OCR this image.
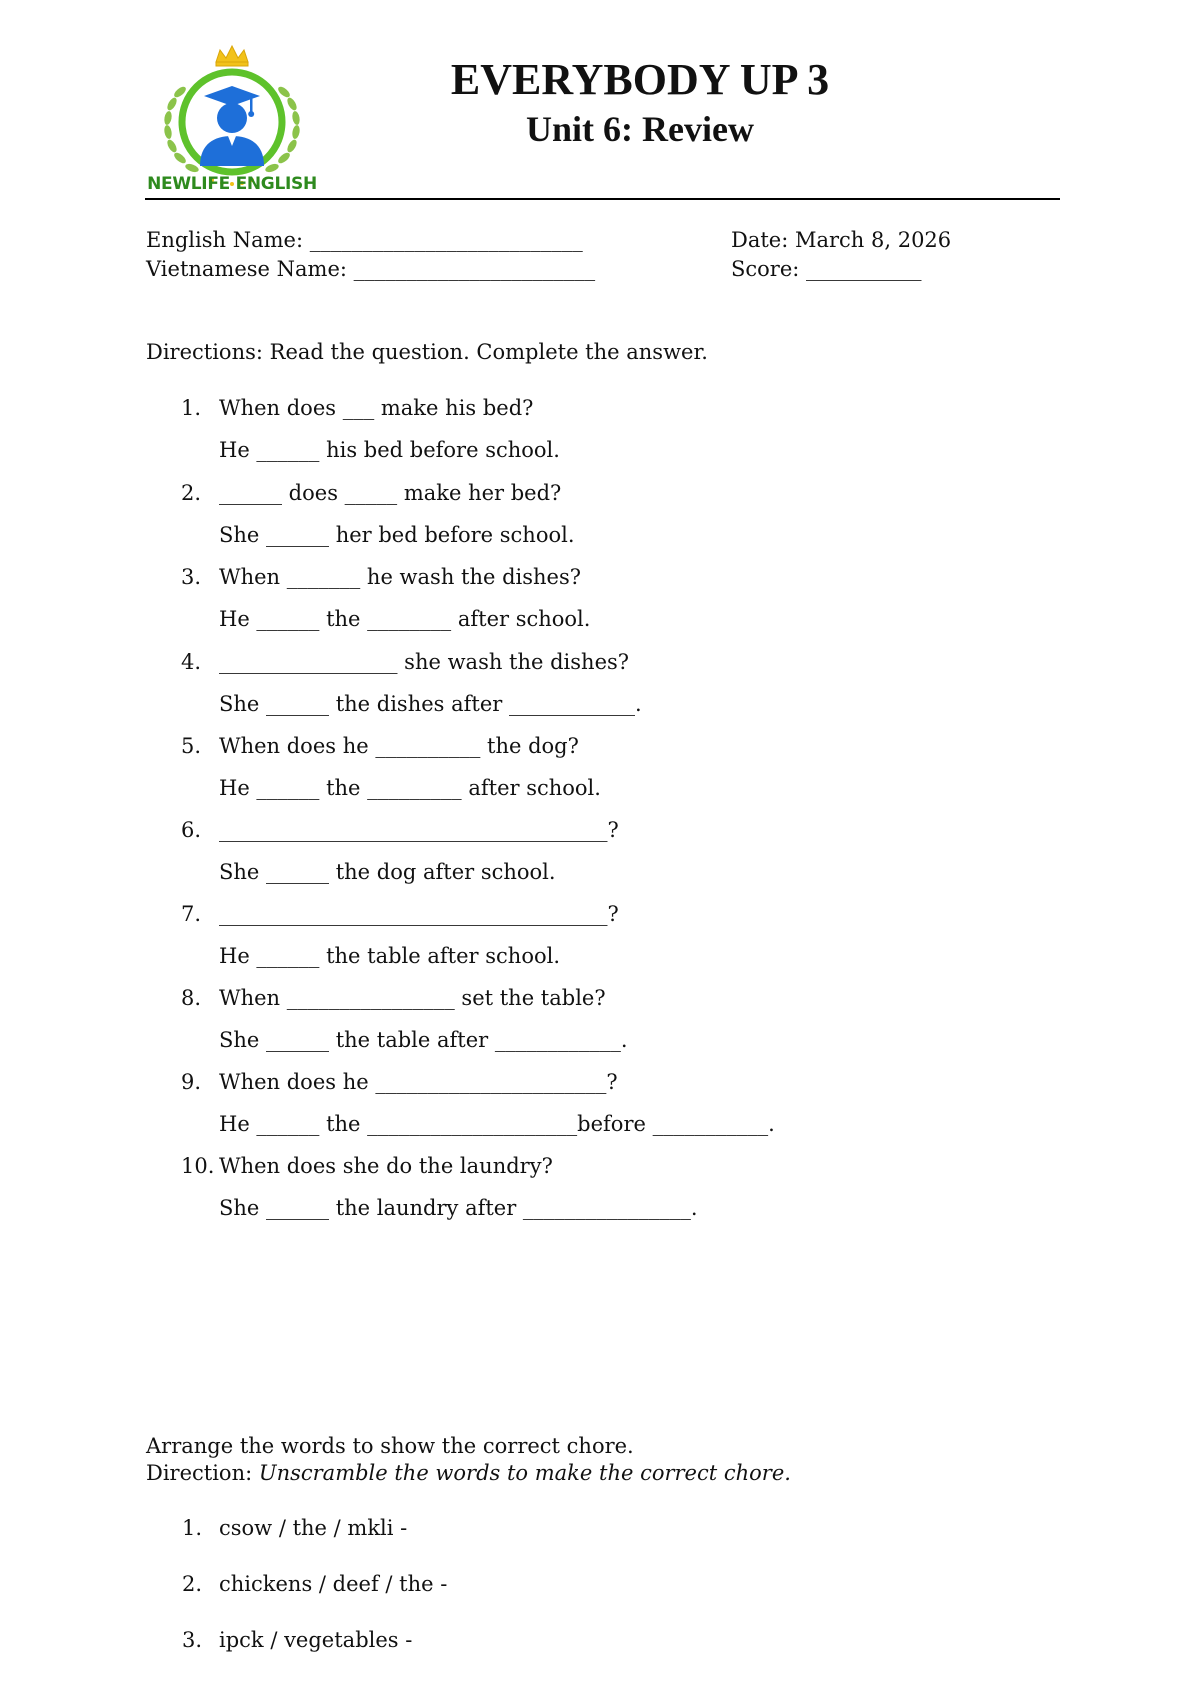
NEWLIFE ENGLISH
EVERYBODY UP 3
Unit 6: Review
English Name: __________________________
Vietnamese Name: _______________________
Date: March 8, 2026
Score: ___________
Directions: Read the question. Complete the answer.
1. When does ___ make his bed?
He ______ his bed before school.
2. ______ does _____ make her bed?
She ______ her bed before school.
3. When _______ he wash the dishes?
He ______ the ________ after school.
4. _________________ she wash the dishes?
She ______ the dishes after ____________.
5. When does he __________ the dog?
He ______ the _________ after school.
6. _____________________________________?
She ______ the dog after school.
7. _____________________________________?
He ______ the table after school.
8. When ________________ set the table?
She ______ the table after ____________.
9. When does he ______________________?
He ______ the ____________________before ___________.
10. When does she do the laundry?
She ______ the laundry after ________________.
Arrange the words to show the correct chore.
Direction: Unscramble the words to make the correct chore.
1. csow / the / mkli -
2. chickens / deef / the -
3. ipck / vegetables -
